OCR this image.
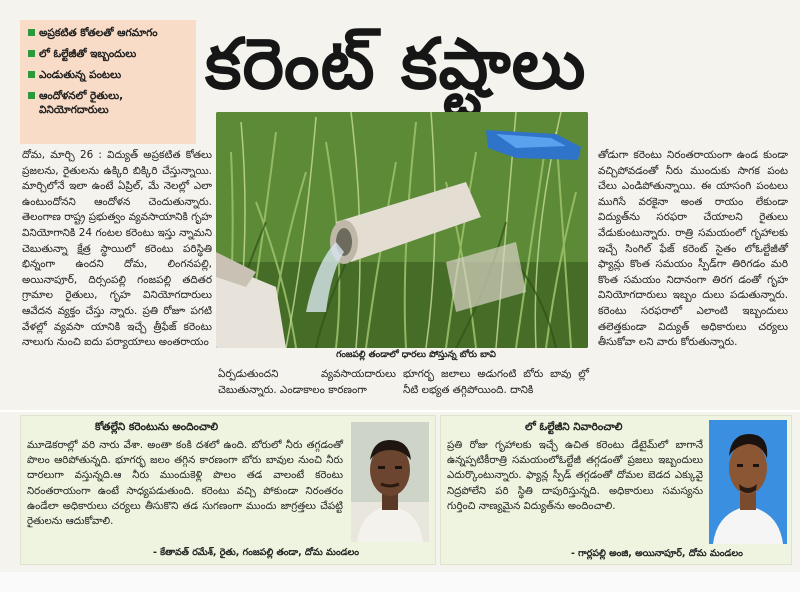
అప్రకటిత కోతలతో ఆగమాగం
లో ఓల్టేజీతో ఇబ్బందులు
ఎండుతున్న పంటలు
ఆందోళనలో రైతులు, వినియోగదారులు
కరెంట్ కష్టాలు
గంజపల్లి తండాలో ధారలు పోస్తున్న బోరు బావి
దోమ, మార్చి 26 : విద్యుత్ అప్రకటిత కోతలు ప్రజలను, రైతులను ఉక్కిరి బిక్కిరి చేస్తున్నాయి. మార్చిలోనే ఇలా ఉంటే ఏప్రిల్, మే నెలల్లో ఎలా ఉంటుందోనని ఆందోళన చెందుతున్నారు. తెలంగాణ రాష్ట్ర ప్రభుత్వం వ్యవసాయానికి గృహ వినియోగానికి 24 గంటల కరెంటు ఇస్తు న్నామని చెబుతున్నా క్షేత్ర స్థాయిలో కరెంటు పరిస్థితి భిన్నంగా ఉందని దోమ, లింగనపల్లి, అయినాపూర్, దిర్సంపల్లి గంజపల్లి తదితర గ్రామాల రైతులు, గృహ వినియోగదారులు ఆవేదన వ్యక్తం చేస్తు న్నారు. ప్రతి రోజూ పగటి వేళల్లో వ్యవసా యానికి ఇచ్చే త్రీఫేజ్ కరెంటు నాలుగు నుంచి ఐదు పర్యాయాలు అంతరాయం
ఏర్పడుతుందని వ్యవసాయదారులు చెబుతున్నారు. ఎండాకాలం కారణంగా
భూగర్భ జలాలు అడుగంటి బోరు బావు ల్లో నీటి లభ్యత తగ్గిపోయింది. దానికి
తోడుగా కరెంటు నిరంతరాయంగా ఉండ కుండా వచ్చిపోవడంతో నీరు ముందుకు సాగక పంట చేలు ఎండిపోతున్నాయి. ఈ యాసంగి పంటలు ముగిసే వరకైనా అంత రాయం లేకుండా విద్యుత్‌ను సరఫరా చేయాలని రైతులు వేడుకుంటున్నారు. రాత్రి సమయంలో గృహాలకు ఇచ్చే సింగిల్ ఫేజ్ కరెంట్ సైతం లోఓల్టేజీతో ఫ్యాన్లు కొంత సమయం స్పీడ్‌గా తిరిగడం మరి కొంత సమయం నిదానంగా తిరగ డంతో గృహ వినియోగదారులు ఇబ్బం దులు పడుతున్నారు. కరెంటు సరఫరాలో ఎలాంటి ఇబ్బందులు తలెత్తకుండా విద్యుత్ అధికారులు చర్యలు తీసుకోవా లని వారు కోరుతున్నారు.
కోతల్లేని కరెంటును అందించాలి
మూడెకరాల్లో వరి నారు వేశా. అంతా కంకి దశలో ఉంది. బోరులో నీరు తగ్గడంతో పొలం ఆరిపోతున్నది. భూగర్భ జలం తగ్గిన కారణంగా బోరు బావుల నుంచి నీరు దారలుగా వస్తున్నది.ఆ నీరు ముందుకెళ్లి పొలం తడ వాలంటే కరెంటు నిరంతరాయంగా ఉంటే సాధ్యపడుతుంది. కరెంటు వచ్చి పోకుండా నిరంతరం ఉండేలా అధికారులు చర్యలు తీసుకొని తడ సుగణంగా ముందు జాగ్రత్తలు చేపట్టి రైతులను ఆదుకోవాలి.
- కేతావత్ రమేశ్, రైతు, గంజపల్లి తండా, దోమ మండలం
లో ఓల్టేజీని నివారించాలి
ప్రతి రోజు గృహాలకు ఇచ్చే ఉచిత కరెంటు డేటైమ్‌లో బాగానే ఉన్నప్పటికీరాత్రి సమయంలోఓల్టేజీ తగ్గడంతో ప్రజలు ఇబ్బందులు ఎదుర్కొంటున్నారు. ఫ్యాన్ల స్పీడ్ తగ్గడంతో దోమల బెడద ఎక్కువై నిద్రపోలేని పరి స్థితి దాపురిస్తున్నది. అధికారులు సమస్యను గుర్తించి నాణ్యమైన విద్యుత్‌ను అందించాలి.
- గార్లపల్లి అంజి, అయినాపూర్, దోమ మండలం
